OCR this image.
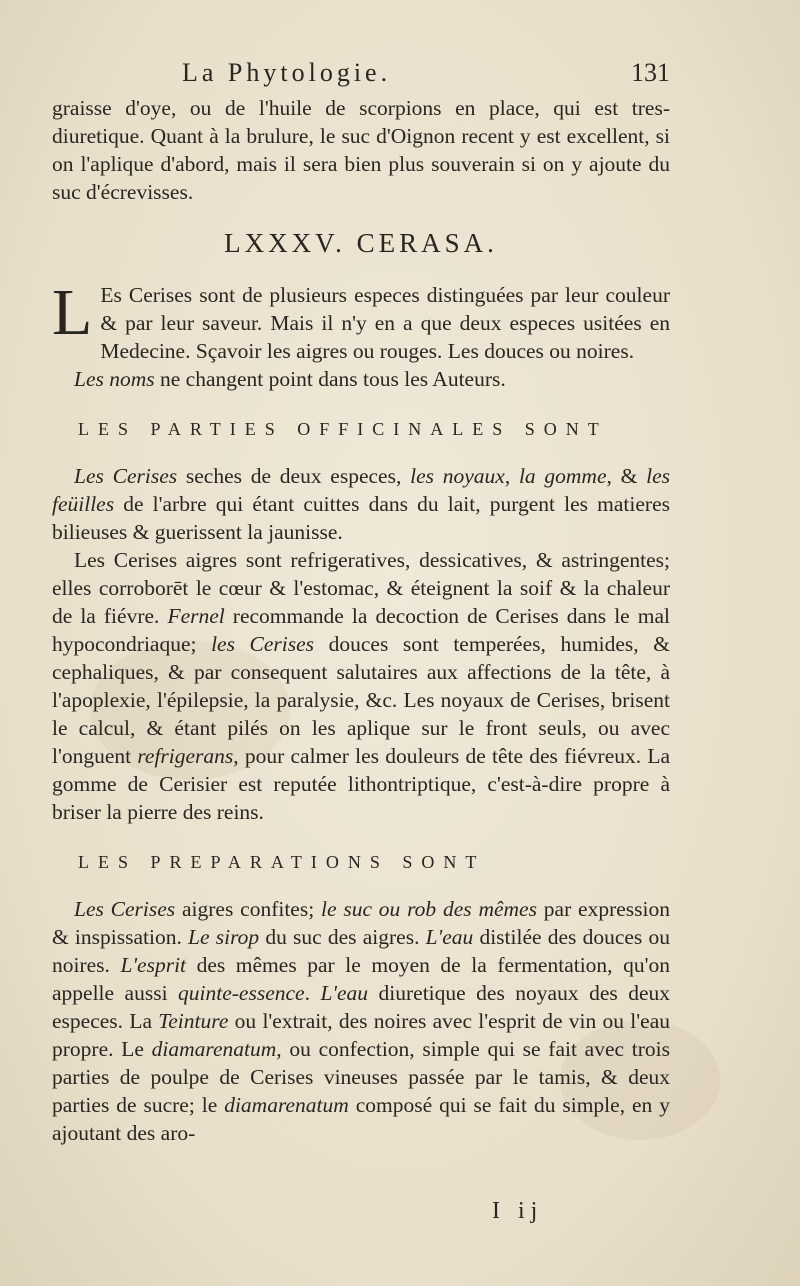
La Phytologie.	131

graisse d'oye, ou de l'huile de scorpions en place, qui est tres-diuretique. Quant à la brulure, le suc d'Oignon recent y est excellent, si on l'aplique d'abord, mais il sera bien plus souverain si on y ajoute du suc d'écrevisses.

LXXXV. CERASA.

L Es Cerises sont de plusieurs especes distinguées par leur couleur & par leur saveur. Mais il n'y en a que deux especes usitées en Medecine. Sçavoir les aigres ou rouges. Les douces ou noires.

Les noms ne changent point dans tous les Auteurs.

LES PARTIES OFFICINALES SONT

Les Cerises seches de deux especes, les noyaux, la gomme, & les feüilles de l'arbre qui étant cuittes dans du lait, purgent les matieres bilieuses & guerissent la jaunisse.

Les Cerises aigres sont refrigeratives, dessicatives, & astringentes; elles corroborēt le cœur & l'estomac, & éteignent la soif & la chaleur de la fiévre. Fernel recommande la decoction de Cerises dans le mal hypocondriaque; les Cerises douces sont temperées, humides, & cephaliques, & par consequent salutaires aux affections de la tête, à l'apoplexie, l'épilepsie, la paralysie, &c. Les noyaux de Cerises, brisent le calcul, & étant pilés on les aplique sur le front seuls, ou avec l'onguent refrigerans, pour calmer les douleurs de tête des fiévreux. La gomme de Cerisier est reputée lithontriptique, c'est-à-dire propre à briser la pierre des reins.

LES PREPARATIONS SONT

Les Cerises aigres confites; le suc ou rob des mêmes par expression & inspissation. Le sirop du suc des aigres. L'eau distilée des douces ou noires. L'esprit des mêmes par le moyen de la fermentation, qu'on appelle aussi quinte-essence. L'eau diuretique des noyaux des deux especes. La Teinture ou l'extrait, des noires avec l'esprit de vin ou l'eau propre. Le diamarenatum, ou confection, simple qui se fait avec trois parties de poulpe de Cerises vineuses passée par le tamis, & deux parties de sucre; le diamarenatum composé qui se fait du simple, en y ajoutant des aro-

I ij
